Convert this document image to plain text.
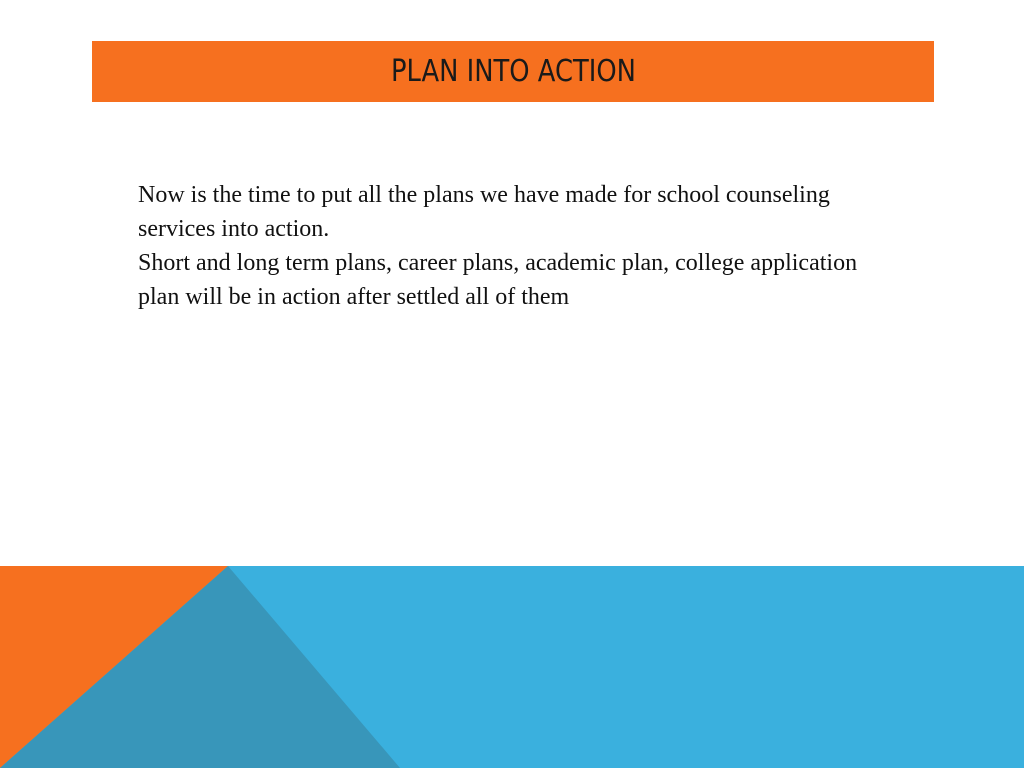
PLAN INTO ACTION

Now is the time to put all the plans we have made for school counseling services into action.

Short and long term plans, career plans, academic plan, college application plan will be in action after settled all of them
